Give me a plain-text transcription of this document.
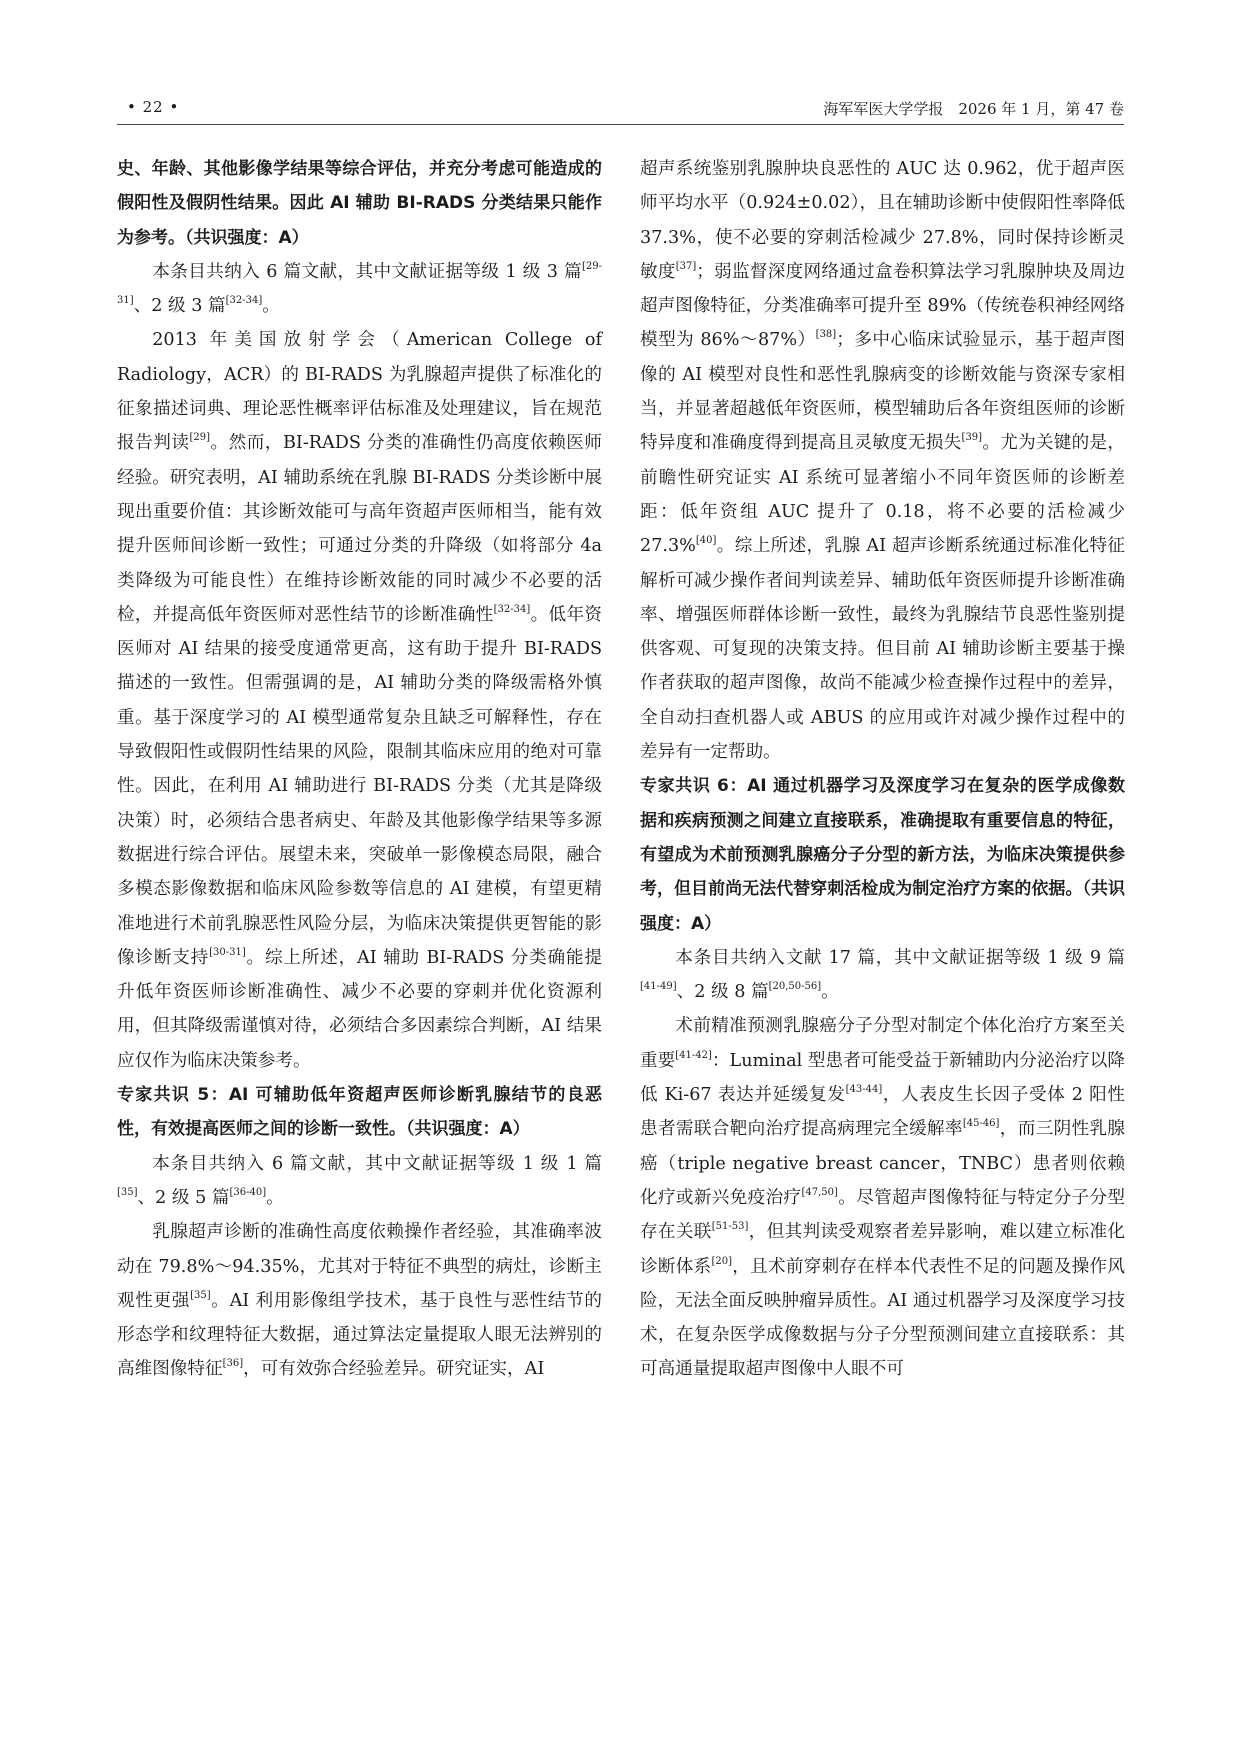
• 22 •	海军军医大学学报　2026 年 1 月，第 47 卷

史、年龄、其他影像学结果等综合评估，并充分考虑可能造成的假阳性及假阴性结果。因此 AI 辅助 BI-RADS 分类结果只能作为参考。（共识强度：A）

本条目共纳入 6 篇文献，其中文献证据等级 1 级 3 篇[29-31]、2 级 3 篇[32-34]。

2013 年美国放射学会（American College of Radiology，ACR）的 BI-RADS 为乳腺超声提供了标准化的征象描述词典、理论恶性概率评估标准及处理建议，旨在规范报告判读[29]。然而，BI-RADS 分类的准确性仍高度依赖医师经验。研究表明，AI 辅助系统在乳腺 BI-RADS 分类诊断中展现出重要价值：其诊断效能可与高年资超声医师相当，能有效提升医师间诊断一致性；可通过分类的升降级（如将部分 4a 类降级为可能良性）在维持诊断效能的同时减少不必要的活检，并提高低年资医师对恶性结节的诊断准确性[32-34]。低年资医师对 AI 结果的接受度通常更高，这有助于提升 BI-RADS 描述的一致性。但需强调的是，AI 辅助分类的降级需格外慎重。基于深度学习的 AI 模型通常复杂且缺乏可解释性，存在导致假阳性或假阴性结果的风险，限制其临床应用的绝对可靠性。因此，在利用 AI 辅助进行 BI-RADS 分类（尤其是降级决策）时，必须结合患者病史、年龄及其他影像学结果等多源数据进行综合评估。展望未来，突破单一影像模态局限，融合多模态影像数据和临床风险参数等信息的 AI 建模，有望更精准地进行术前乳腺恶性风险分层，为临床决策提供更智能的影像诊断支持[30-31]。综上所述，AI 辅助 BI-RADS 分类确能提升低年资医师诊断准确性、减少不必要的穿刺并优化资源利用，但其降级需谨慎对待，必须结合多因素综合判断，AI 结果应仅作为临床决策参考。

专家共识 5：AI 可辅助低年资超声医师诊断乳腺结节的良恶性，有效提高医师之间的诊断一致性。（共识强度：A）

本条目共纳入 6 篇文献，其中文献证据等级 1 级 1 篇[35]、2 级 5 篇[36-40]。

乳腺超声诊断的准确性高度依赖操作者经验，其准确率波动在 79.8%～94.35%，尤其对于特征不典型的病灶，诊断主观性更强[35]。AI 利用影像组学技术，基于良性与恶性结节的形态学和纹理特征大数据，通过算法定量提取人眼无法辨别的高维图像特征[36]，可有效弥合经验差异。研究证实，AI

超声系统鉴别乳腺肿块良恶性的 AUC 达 0.962，优于超声医师平均水平（0.924±0.02），且在辅助诊断中使假阳性率降低 37.3%，使不必要的穿刺活检减少 27.8%，同时保持诊断灵敏度[37]；弱监督深度网络通过盒卷积算法学习乳腺肿块及周边超声图像特征，分类准确率可提升至 89%（传统卷积神经网络模型为 86%～87%）[38]；多中心临床试验显示，基于超声图像的 AI 模型对良性和恶性乳腺病变的诊断效能与资深专家相当，并显著超越低年资医师，模型辅助后各年资组医师的诊断特异度和准确度得到提高且灵敏度无损失[39]。尤为关键的是，前瞻性研究证实 AI 系统可显著缩小不同年资医师的诊断差距：低年资组 AUC 提升了 0.18，将不必要的活检减少 27.3%[40]。综上所述，乳腺 AI 超声诊断系统通过标准化特征解析可减少操作者间判读差异、辅助低年资医师提升诊断准确率、增强医师群体诊断一致性，最终为乳腺结节良恶性鉴别提供客观、可复现的决策支持。但目前 AI 辅助诊断主要基于操作者获取的超声图像，故尚不能减少检查操作过程中的差异，全自动扫查机器人或 ABUS 的应用或许对减少操作过程中的差异有一定帮助。

专家共识 6：AI 通过机器学习及深度学习在复杂的医学成像数据和疾病预测之间建立直接联系，准确提取有重要信息的特征，有望成为术前预测乳腺癌分子分型的新方法，为临床决策提供参考，但目前尚无法代替穿刺活检成为制定治疗方案的依据。（共识强度：A）

本条目共纳入文献 17 篇，其中文献证据等级 1 级 9 篇[41-49]、2 级 8 篇[20,50-56]。

术前精准预测乳腺癌分子分型对制定个体化治疗方案至关重要[41-42]：Luminal 型患者可能受益于新辅助内分泌治疗以降低 Ki-67 表达并延缓复发[43-44]，人表皮生长因子受体 2 阳性患者需联合靶向治疗提高病理完全缓解率[45-46]，而三阴性乳腺癌（triple negative breast cancer，TNBC）患者则依赖化疗或新兴免疫治疗[47,50]。尽管超声图像特征与特定分子分型存在关联[51-53]，但其判读受观察者差异影响，难以建立标准化诊断体系[20]，且术前穿刺存在样本代表性不足的问题及操作风险，无法全面反映肿瘤异质性。AI 通过机器学习及深度学习技术，在复杂医学成像数据与分子分型预测间建立直接联系：其可高通量提取超声图像中人眼不可
